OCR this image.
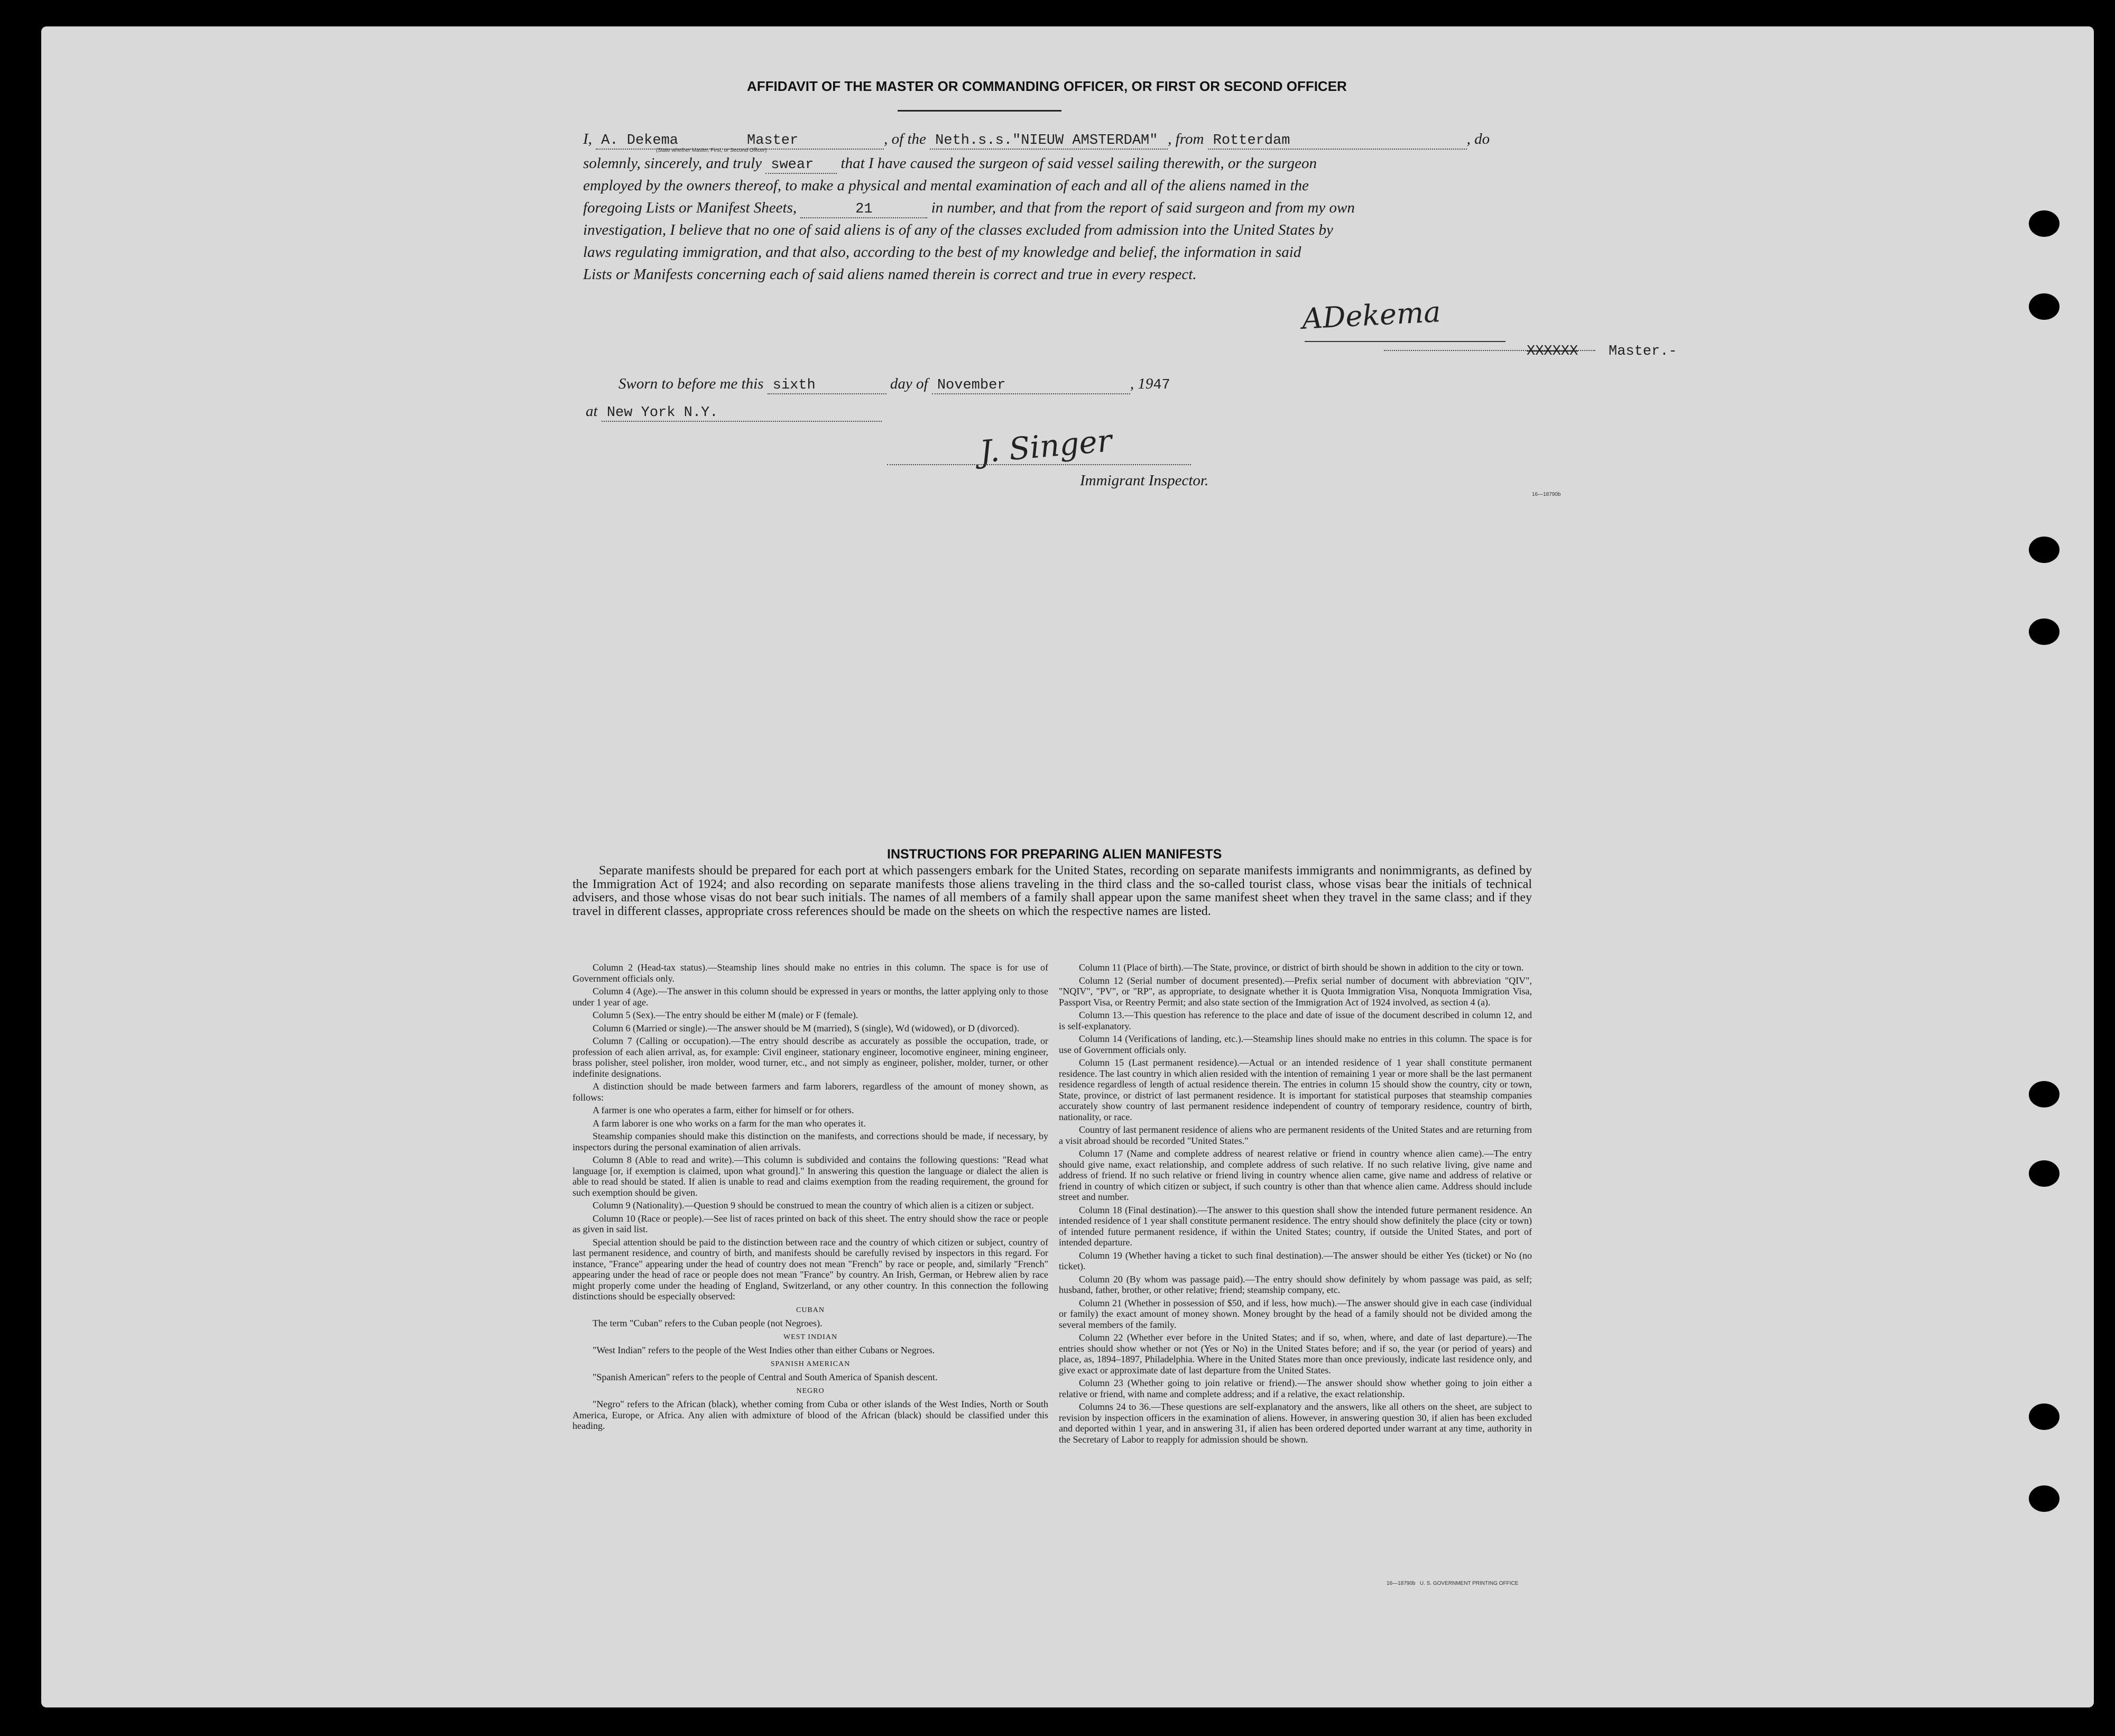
AFFIDAVIT OF THE MASTER OR COMMANDING OFFICER, OR FIRST OR SECOND OFFICER
I, A. Dekema	Master	, of the Neth.s.s."NIEUW AMSTERDAM" , from Rotterdam	, do
(State whether Master, First, or Second Officer)
solemnly, sincerely, and truly swear that I have caused the surgeon of said vessel sailing therewith, or the surgeon
employed by the owners thereof, to make a physical and mental examination of each and all of the aliens named in the
foregoing Lists or Manifest Sheets,	21	in number, and that from the report of said surgeon and from my own
investigation, I believe that no one of said aliens is of any of the classes excluded from admission into the United States by
laws regulating immigration, and that also, according to the best of my knowledge and belief, the information in said
Lists or Manifests concerning each of said aliens named therein is correct and true in every respect.
ADekema
XXXXXX Master.-
Sworn to before me this sixth	day of November	, 1947
at New York N.Y.
J. Singer
Immigrant Inspector.
16—18790b
INSTRUCTIONS FOR PREPARING ALIEN MANIFESTS
Separate manifests should be prepared for each port at which passengers embark for the United States, recording on separate manifests immigrants and nonimmigrants, as defined by the Immigration Act of 1924; and also recording on separate manifests those aliens traveling in the third class and the so-called tourist class, whose visas bear the initials of technical advisers, and those whose visas do not bear such initials. The names of all members of a family shall appear upon the same manifest sheet when they travel in the same class; and if they travel in different classes, appropriate cross references should be made on the sheets on which the respective names are listed.

Column 2 (Head-tax status).—Steamship lines should make no entries in this column. The space is for use of Government officials only.

Column 4 (Age).—The answer in this column should be expressed in years or months, the latter applying only to those under 1 year of age.

Column 5 (Sex).—The entry should be either M (male) or F (female).

Column 6 (Married or single).—The answer should be M (married), S (single), Wd (widowed), or D (divorced).

Column 7 (Calling or occupation).—The entry should describe as accurately as possible the occupation, trade, or profession of each alien arrival, as, for example: Civil engineer, stationary engineer, locomotive engineer, mining engineer, brass polisher, steel polisher, iron molder, wood turner, etc., and not simply as engineer, polisher, molder, turner, or other indefinite designations.

A distinction should be made between farmers and farm laborers, regardless of the amount of money shown, as follows:

A farmer is one who operates a farm, either for himself or for others.

A farm laborer is one who works on a farm for the man who operates it.

Steamship companies should make this distinction on the manifests, and corrections should be made, if necessary, by inspectors during the personal examination of alien arrivals.

Column 8 (Able to read and write).—This column is subdivided and contains the following questions: "Read what language [or, if exemption is claimed, upon what ground]." In answering this question the language or dialect the alien is able to read should be stated. If alien is unable to read and claims exemption from the reading requirement, the ground for such exemption should be given.

Column 9 (Nationality).—Question 9 should be construed to mean the country of which alien is a citizen or subject.

Column 10 (Race or people).—See list of races printed on back of this sheet. The entry should show the race or people as given in said list.

Special attention should be paid to the distinction between race and the country of which citizen or subject, country of last permanent residence, and country of birth, and manifests should be carefully revised by inspectors in this regard. For instance, "France" appearing under the head of country does not mean "French" by race or people, and, similarly "French" appearing under the head of race or people does not mean "France" by country. An Irish, German, or Hebrew alien by race might properly come under the heading of England, Switzerland, or any other country. In this connection the following distinctions should be especially observed:

CUBAN

The term "Cuban" refers to the Cuban people (not Negroes).

WEST INDIAN

"West Indian" refers to the people of the West Indies other than either Cubans or Negroes.

SPANISH AMERICAN

"Spanish American" refers to the people of Central and South America of Spanish descent.

NEGRO

"Negro" refers to the African (black), whether coming from Cuba or other islands of the West Indies, North or South America, Europe, or Africa. Any alien with admixture of blood of the African (black) should be classified under this heading.

Column 11 (Place of birth).—The State, province, or district of birth should be shown in addition to the city or town.

Column 12 (Serial number of document presented).—Prefix serial number of document with abbreviation "QIV", "NQIV", "PV", or "RP", as appropriate, to designate whether it is Quota Immigration Visa, Nonquota Immigration Visa, Passport Visa, or Reentry Permit; and also state section of the Immigration Act of 1924 involved, as section 4 (a).

Column 13.—This question has reference to the place and date of issue of the document described in column 12, and is self-explanatory.

Column 14 (Verifications of landing, etc.).—Steamship lines should make no entries in this column. The space is for use of Government officials only.

Column 15 (Last permanent residence).—Actual or an intended residence of 1 year shall constitute permanent residence. The last country in which alien resided with the intention of remaining 1 year or more shall be the last permanent residence regardless of length of actual residence therein. The entries in column 15 should show the country, city or town, State, province, or district of last permanent residence. It is important for statistical purposes that steamship companies accurately show country of last permanent residence independent of country of temporary residence, country of birth, nationality, or race.

Country of last permanent residence of aliens who are permanent residents of the United States and are returning from a visit abroad should be recorded "United States."

Column 17 (Name and complete address of nearest relative or friend in country whence alien came).—The entry should give name, exact relationship, and complete address of such relative. If no such relative living, give name and address of friend. If no such relative or friend living in country whence alien came, give name and address of relative or friend in country of which citizen or subject, if such country is other than that whence alien came. Address should include street and number.

Column 18 (Final destination).—The answer to this question shall show the intended future permanent residence. An intended residence of 1 year shall constitute permanent residence. The entry should show definitely the place (city or town) of intended future permanent residence, if within the United States; country, if outside the United States, and port of intended departure.

Column 19 (Whether having a ticket to such final destination).—The answer should be either Yes (ticket) or No (no ticket).

Column 20 (By whom was passage paid).—The entry should show definitely by whom passage was paid, as self; husband, father, brother, or other relative; friend; steamship company, etc.

Column 21 (Whether in possession of $50, and if less, how much).—The answer should give in each case (individual or family) the exact amount of money shown. Money brought by the head of a family should not be divided among the several members of the family.

Column 22 (Whether ever before in the United States; and if so, when, where, and date of last departure).—The entries should show whether or not (Yes or No) in the United States before; and if so, the year (or period of years) and place, as, 1894–1897, Philadelphia. Where in the United States more than once previously, indicate last residence only, and give exact or approximate date of last departure from the United States.

Column 23 (Whether going to join relative or friend).—The answer should show whether going to join either a relative or friend, with name and complete address; and if a relative, the exact relationship.

Columns 24 to 36.—These questions are self-explanatory and the answers, like all others on the sheet, are subject to revision by inspection officers in the examination of aliens. However, in answering question 30, if alien has been excluded and deported within 1 year, and in answering 31, if alien has been ordered deported under warrant at any time, authority in the Secretary of Labor to reapply for admission should be shown.

16—18790b U. S. GOVERNMENT PRINTING OFFICE
